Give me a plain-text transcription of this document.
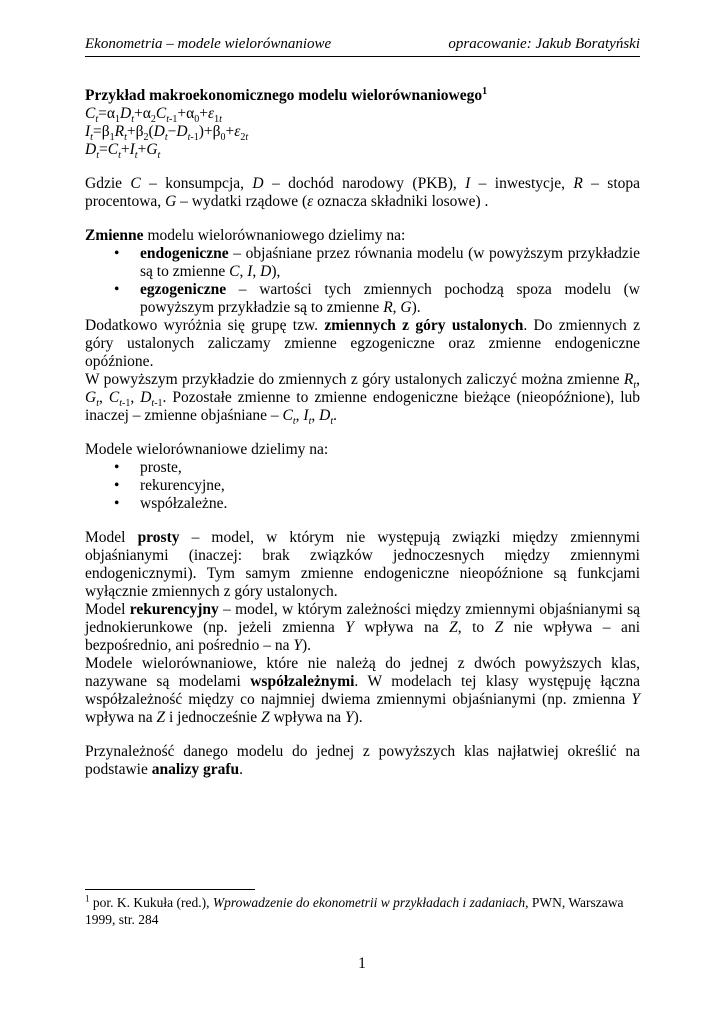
Ekonometria – modele wielorównaniowe	opracowanie: Jakub Boratyński

Przykład makroekonomicznego modelu wielorównaniowego$^1$

$C_t=\alpha_1D_t+\alpha_2C_{t-1}+\alpha_0+\varepsilon_{1t}$
$I_t=\beta_1R_t+\beta_2(D_t-D_{t-1})+\beta_0+\varepsilon_{2t}$
$D_t=C_t+I_t+G_t$

Gdzie C – konsumpcja, D – dochód narodowy (PKB), I – inwestycje, R – stopa procentowa, G – wydatki rządowe (ε oznacza składniki losowe) .

Zmienne modelu wielorównaniowego dzielimy na:

• endogeniczne – objaśniane przez równania modelu (w powyższym przykładzie są to zmienne C, I, D),
• egzogeniczne – wartości tych zmiennych pochodzą spoza modelu (w powyższym przykładzie są to zmienne R, G).

Dodatkowo wyróżnia się grupę tzw. zmiennych z góry ustalonych. Do zmiennych z góry ustalonych zaliczamy zmienne egzogeniczne oraz zmienne endogeniczne opóźnione.

W powyższym przykładzie do zmiennych z góry ustalonych zaliczyć można zmienne $R_t$, $G_t$, $C_{t-1}$, $D_{t-1}$. Pozostałe zmienne to zmienne endogeniczne bieżące (nieopóźnione), lub inaczej – zmienne objaśniane – $C_t$, $I_t$, $D_t$.

Modele wielorównaniowe dzielimy na:

• proste,
• rekurencyjne,
• współzależne.

Model prosty – model, w którym nie występują związki między zmiennymi objaśnianymi (inaczej: brak związków jednoczesnych między zmiennymi endogenicznymi). Tym samym zmienne endogeniczne nieopóźnione są funkcjami wyłącznie zmiennych z góry ustalonych.

Model rekurencyjny – model, w którym zależności między zmiennymi objaśnianymi są jednokierunkowe (np. jeżeli zmienna Y wpływa na Z, to Z nie wpływa – ani bezpośrednio, ani pośrednio – na Y).

Modele wielorównaniowe, które nie należą do jednej z dwóch powyższych klas, nazywane są modelami współzależnymi. W modelach tej klasy występuję łączna współzależność między co najmniej dwiema zmiennymi objaśnianymi (np. zmienna Y wpływa na Z i jednocześnie Z wpływa na Y).

Przynależność danego modelu do jednej z powyższych klas najłatwiej określić na podstawie analizy grafu.

$^1$ por. K. Kukuła (red.), Wprowadzenie do ekonometrii w przykładach i zadaniach, PWN, Warszawa 1999, str. 284
1
